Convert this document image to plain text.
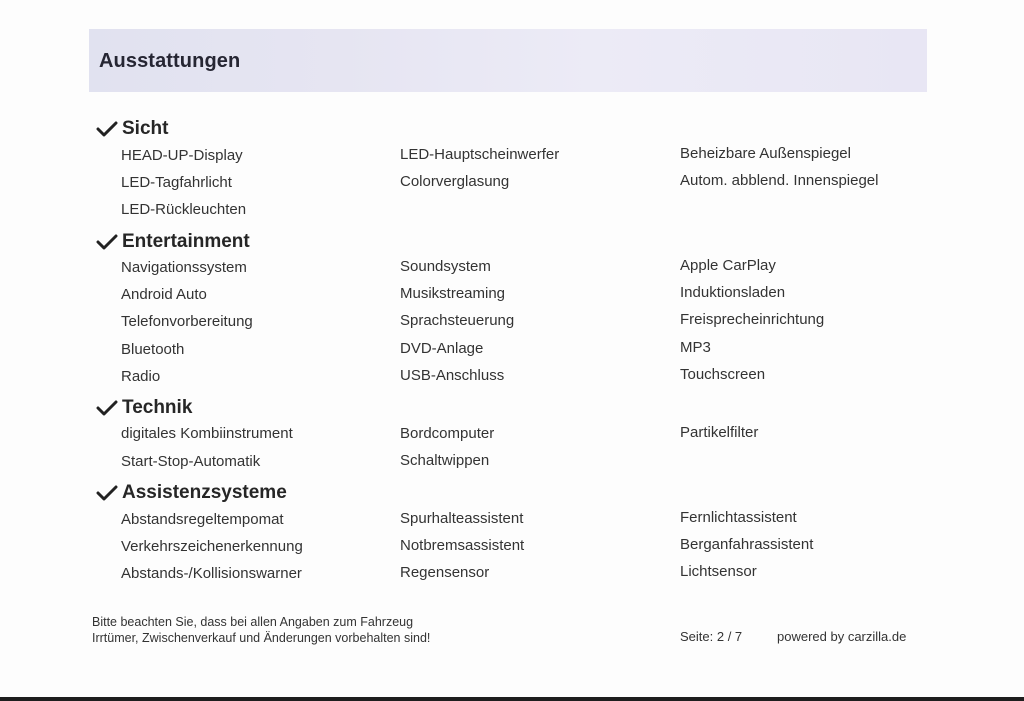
Ausstattungen
Sicht
HEAD-UP-Display
LED-Tagfahrlicht
LED-Rückleuchten
LED-Hauptscheinwerfer
Colorverglasung
Beheizbare Außenspiegel
Autom. abblend. Innenspiegel
Entertainment
Navigationssystem
Android Auto
Telefonvorbereitung
Bluetooth
Radio
Soundsystem
Musikstreaming
Sprachsteuerung
DVD-Anlage
USB-Anschluss
Apple CarPlay
Induktionsladen
Freisprecheinrichtung
MP3
Touchscreen
Technik
digitales Kombiinstrument
Start-Stop-Automatik
Bordcomputer
Schaltwippen
Partikelfilter
Assistenzsysteme
Abstandsregeltempomat
Verkehrszeichenerkennung
Abstands-/Kollisionswarner
Spurhalteassistent
Notbremsassistent
Regensensor
Fernlichtassistent
Berganfahrassistent
Lichtsensor
Bitte beachten Sie, dass bei allen Angaben zum Fahrzeug
Irrtümer, Zwischenverkauf und Änderungen vorbehalten sind!	Seite: 2 / 7	powered by carzilla.de
